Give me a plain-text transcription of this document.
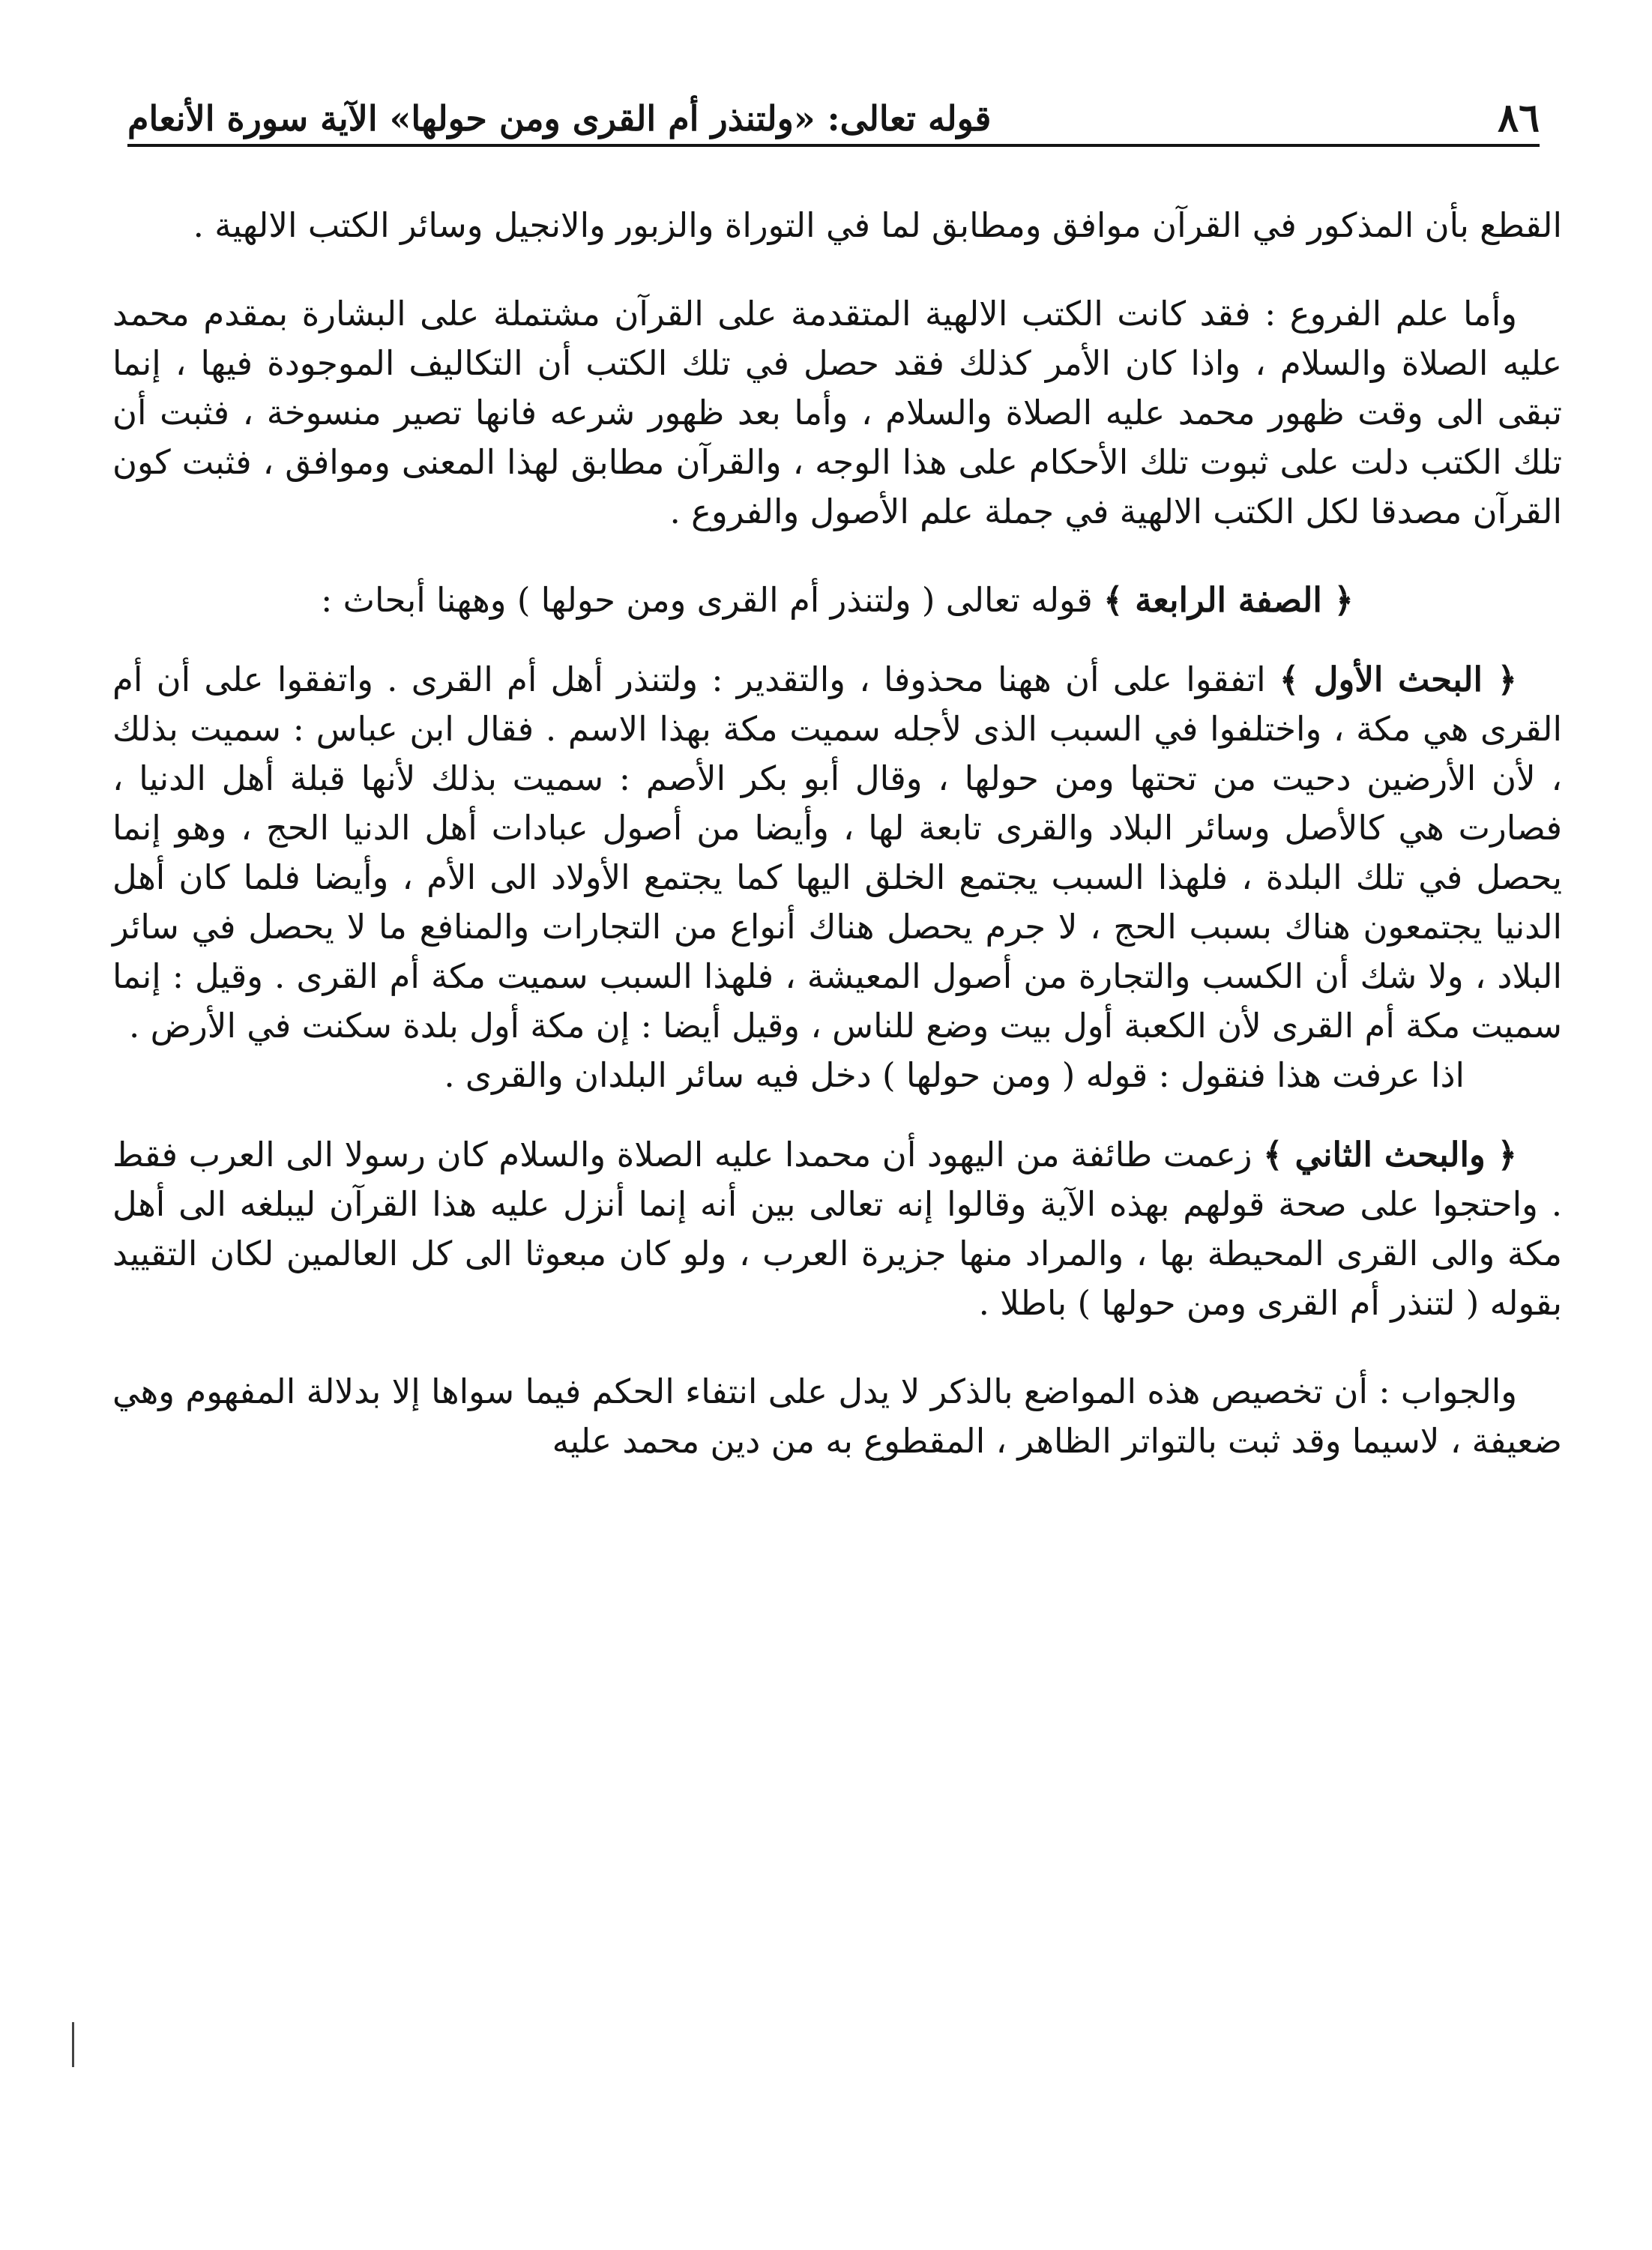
٨٦
قوله تعالى: «ولتنذر أم القرى ومن حولها» الآية سورة الأنعام

القطع بأن المذكور في القرآن موافق ومطابق لما في التوراة والزبور والانجيل وسائر الكتب الالهية .

وأما علم الفروع : فقد كانت الكتب الالهية المتقدمة على القرآن مشتملة على البشارة بمقدم محمد عليه الصلاة والسلام ، واذا كان الأمر كذلك فقد حصل في تلك الكتب أن التكاليف الموجودة فيها ، إنما تبقى الى وقت ظهور محمد عليه الصلاة والسلام ، وأما بعد ظهور شرعه فانها تصير منسوخة ، فثبت أن تلك الكتب دلت على ثبوت تلك الأحكام على هذا الوجه ، والقرآن مطابق لهذا المعنى وموافق ، فثبت كون القرآن مصدقا لكل الكتب الالهية في جملة علم الأصول والفروع .

﴿ الصفة الرابعة ﴾ قوله تعالى ( ولتنذر أم القرى ومن حولها ) وههنا أبحاث :

﴿ البحث الأول ﴾ اتفقوا على أن ههنا محذوفا ، والتقدير : ولتنذر أهل أم القرى . واتفقوا على أن أم القرى هي مكة ، واختلفوا في السبب الذى لأجله سميت مكة بهذا الاسم . فقال ابن عباس : سميت بذلك ، لأن الأرضين دحيت من تحتها ومن حولها ، وقال أبو بكر الأصم : سميت بذلك لأنها قبلة أهل الدنيا ، فصارت هي كالأصل وسائر البلاد والقرى تابعة لها ، وأيضا من أصول عبادات أهل الدنيا الحج ، وهو إنما يحصل في تلك البلدة ، فلهذا السبب يجتمع الخلق اليها كما يجتمع الأولاد الى الأم ، وأيضا فلما كان أهل الدنيا يجتمعون هناك بسبب الحج ، لا جرم يحصل هناك أنواع من التجارات والمنافع ما لا يحصل في سائر البلاد ، ولا شك أن الكسب والتجارة من أصول المعيشة ، فلهذا السبب سميت مكة أم القرى . وقيل : إنما سميت مكة أم القرى لأن الكعبة أول بيت وضع للناس ، وقيل أيضا : إن مكة أول بلدة سكنت في الأرض .

اذا عرفت هذا فنقول : قوله ( ومن حولها ) دخل فيه سائر البلدان والقرى .

﴿ والبحث الثاني ﴾ زعمت طائفة من اليهود أن محمدا عليه الصلاة والسلام كان رسولا الى العرب فقط . واحتجوا على صحة قولهم بهذه الآية وقالوا إنه تعالى بين أنه إنما أنزل عليه هذا القرآن ليبلغه الى أهل مكة والى القرى المحيطة بها ، والمراد منها جزيرة العرب ، ولو كان مبعوثا الى كل العالمين لكان التقييد بقوله ( لتنذر أم القرى ومن حولها ) باطلا .

والجواب : أن تخصيص هذه المواضع بالذكر لا يدل على انتفاء الحكم فيما سواها إلا بدلالة المفهوم وهي ضعيفة ، لاسيما وقد ثبت بالتواتر الظاهر ، المقطوع به من دين محمد عليه
